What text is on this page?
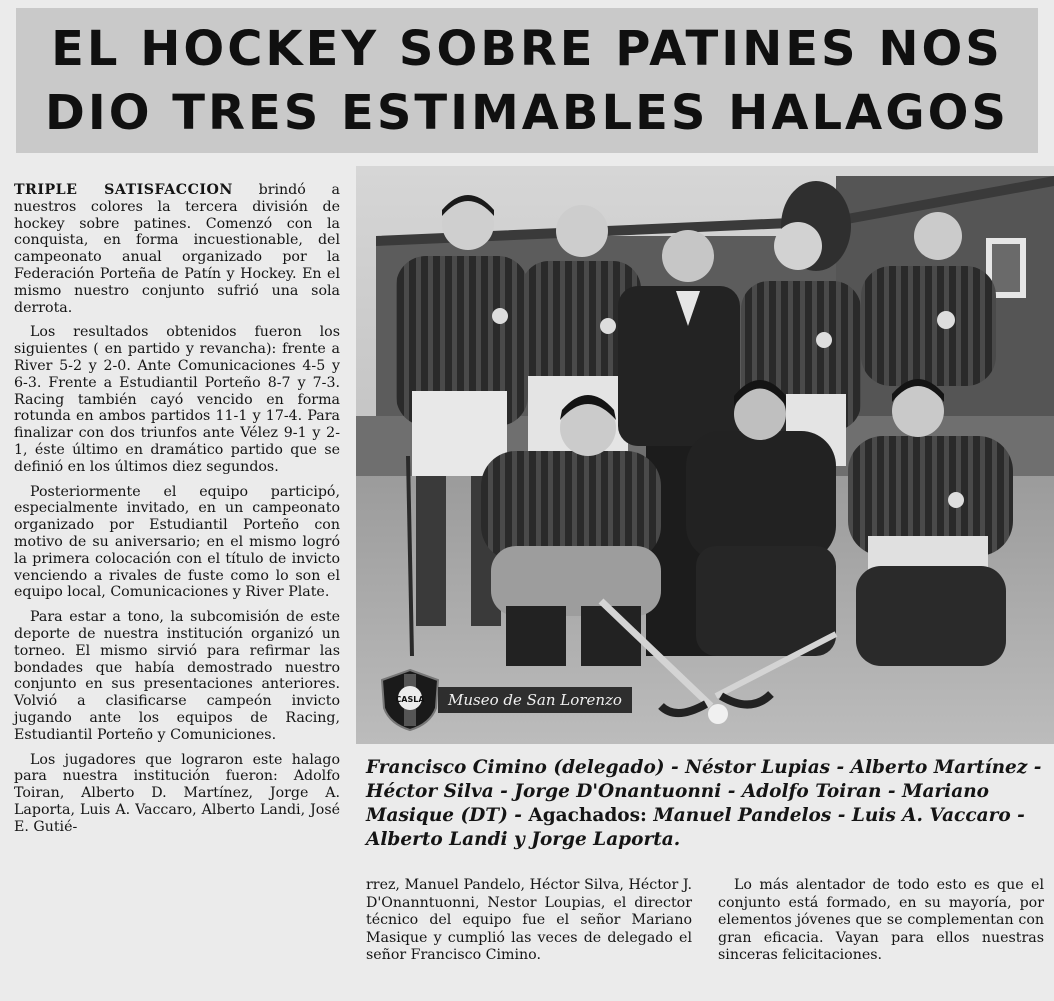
EL HOCKEY SOBRE PATINES NOS
DIO TRES ESTIMABLES HALAGOS

TRIPLE SATISFACCION brindó a nuestros colores la tercera división de hockey sobre patines. Comenzó con la conquista, en forma incuestionable, del campeonato anual organizado por la Federación Porteña de Patín y Hockey. En el mismo nuestro conjunto sufrió una sola derrota.

Los resultados obtenidos fueron los siguientes ( en partido y revancha): frente a River 5-2 y 2-0. Ante Comunicaciones 4-5 y 6-3. Frente a Estudiantil Porteño 8-7 y 7-3. Racing también cayó vencido en forma rotunda en ambos partidos 11-1 y 17-4. Para finalizar con dos triunfos ante Vélez 9-1 y 2-1, éste último en dramático partido que se definió en los últimos diez segundos.

Posteriormente el equipo participó, especialmente invitado, en un campeonato organizado por Estudiantil Porteño con motivo de su aniversario; en el mismo logró la primera colocación con el título de invicto venciendo a rivales de fuste como lo son el equipo local, Comunicaciones y River Plate.

Para estar a tono, la subcomisión de este deporte de nuestra institución organizó un torneo. El mismo sirvió para refirmar las bondades que había demostrado nuestro conjunto en sus presentaciones anteriores. Volvió a clasificarse campeón invicto jugando ante los equipos de Racing, Estudiantil Porteño y Comuniciones.

Los jugadores que lograron este halago para nuestra institución fueron: Adolfo Toiran, Alberto D. Martínez, Jorge A. Laporta, Luis A. Vaccaro, Alberto Landi, José E. Gutié-

CASLA	Museo de San Lorenzo
Francisco Cimino (delegado) - Néstor Lupias - Alberto Martínez - Héctor Silva - Jorge D'Onantuonni - Adolfo Toiran - Mariano Masique (DT) - Agachados: Manuel Pandelos - Luis A. Vaccaro - Alberto Landi y Jorge Laporta.

rrez, Manuel Pandelo, Héctor Silva, Héctor J. D'Onanntuonni, Nestor Loupias, el director técnico del equipo fue el señor Mariano Masique y cumplió las veces de delegado el señor Francisco Cimino.

Lo más alentador de todo esto es que el conjunto está formado, en su mayoría, por elementos jóvenes que se complementan con gran eficacia. Vayan para ellos nuestras sinceras felicitaciones.
